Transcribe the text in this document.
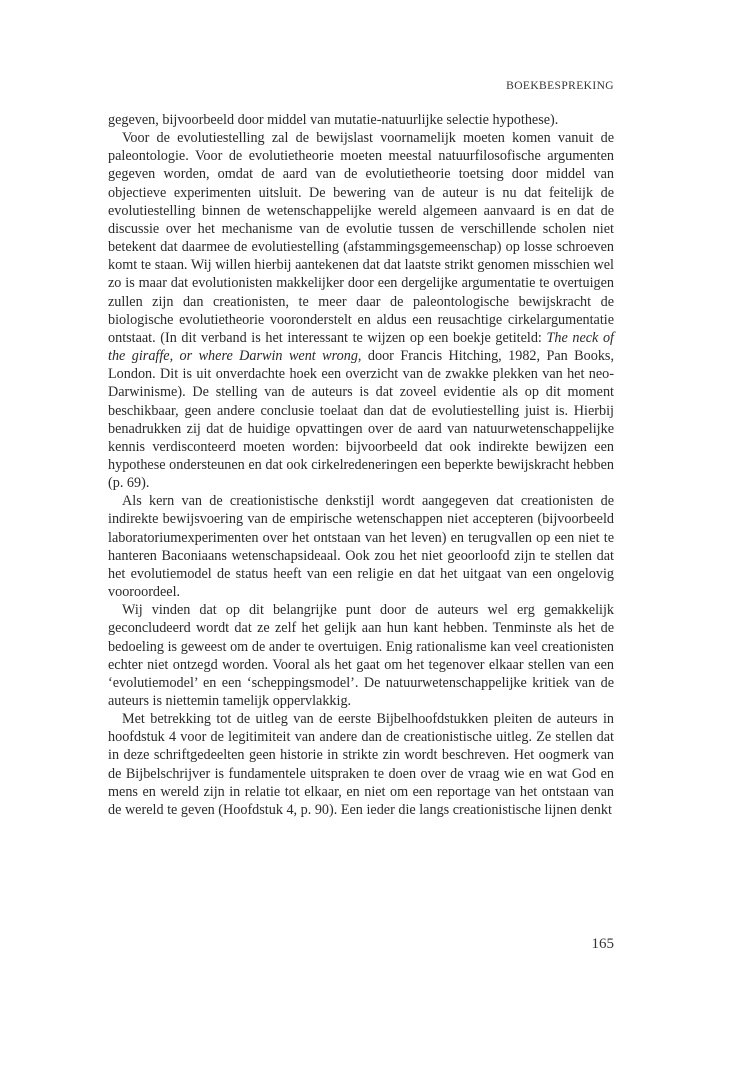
BOEKBESPREKING

gegeven, bijvoorbeeld door middel van mutatie-natuurlijke selectie hypothese).

Voor de evolutiestelling zal de bewijslast voornamelijk moeten komen vanuit de paleontologie. Voor de evolutietheorie moeten meestal natuurfilosofische argumenten gegeven worden, omdat de aard van de evolutietheorie toetsing door middel van objectieve experimenten uitsluit. De bewering van de auteur is nu dat feitelijk de evolutiestelling binnen de wetenschappelijke wereld algemeen aanvaard is en dat de discussie over het mechanisme van de evolutie tussen de verschillende scholen niet betekent dat daarmee de evolutiestelling (afstammingsgemeenschap) op losse schroeven komt te staan. Wij willen hierbij aantekenen dat dat laatste strikt genomen misschien wel zo is maar dat evolutionisten makkelijker door een dergelijke argumentatie te overtuigen zullen zijn dan creationisten, te meer daar de paleontologische bewijskracht de biologische evolutietheorie vooronderstelt en aldus een reusachtige cirkelargumentatie ontstaat. (In dit verband is het interessant te wijzen op een boekje getiteld: The neck of the giraffe, or where Darwin went wrong, door Francis Hitching, 1982, Pan Books, London. Dit is uit onverdachte hoek een overzicht van de zwakke plekken van het neo-Darwinisme). De stelling van de auteurs is dat zoveel evidentie als op dit moment beschikbaar, geen andere conclusie toelaat dan dat de evolutiestelling juist is. Hierbij benadrukken zij dat de huidige opvattingen over de aard van natuurwetenschappelijke kennis verdisconteerd moeten worden: bijvoorbeeld dat ook indirekte bewijzen een hypothese ondersteunen en dat ook cirkelredeneringen een beperkte bewijskracht hebben (p. 69).

Als kern van de creationistische denkstijl wordt aangegeven dat creationisten de indirekte bewijsvoering van de empirische wetenschappen niet accepteren (bijvoorbeeld laboratoriumexperimenten over het ontstaan van het leven) en terugvallen op een niet te hanteren Baconiaans wetenschapsideaal. Ook zou het niet geoorloofd zijn te stellen dat het evolutiemodel de status heeft van een religie en dat het uitgaat van een ongelovig vooroordeel.

Wij vinden dat op dit belangrijke punt door de auteurs wel erg gemakkelijk geconcludeerd wordt dat ze zelf het gelijk aan hun kant hebben. Tenminste als het de bedoeling is geweest om de ander te overtuigen. Enig rationalisme kan veel creationisten echter niet ontzegd worden. Vooral als het gaat om het tegenover elkaar stellen van een ‘evolutiemodel’ en een ‘scheppingsmodel’. De natuurwetenschappelijke kritiek van de auteurs is niettemin tamelijk oppervlakkig.

Met betrekking tot de uitleg van de eerste Bijbelhoofdstukken pleiten de auteurs in hoofdstuk 4 voor de legitimiteit van andere dan de creationistische uitleg. Ze stellen dat in deze schriftgedeelten geen historie in strikte zin wordt beschreven. Het oogmerk van de Bijbelschrijver is fundamentele uitspraken te doen over de vraag wie en wat God en mens en wereld zijn in relatie tot elkaar, en niet om een reportage van het ontstaan van de wereld te geven (Hoofdstuk 4, p. 90). Een ieder die langs creationistische lijnen denkt

165
